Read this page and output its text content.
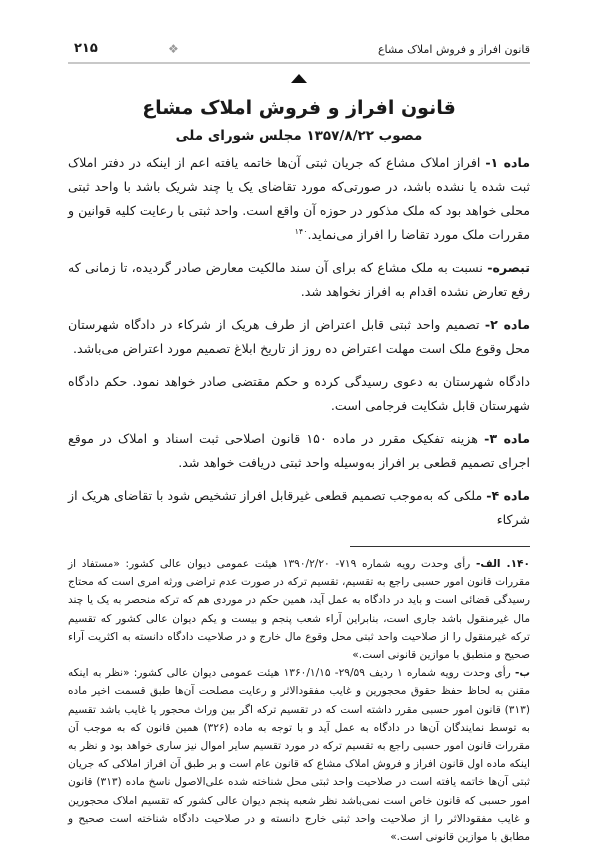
قانون افراز و فروش املاک مشاع
❖
۲۱۵
قانون افراز و فروش املاک مشاع
مصوب ۱۳۵۷/۸/۲۲ مجلس شورای ملی

ماده ۱- افراز املاک مشاع که جریان ثبتی آن‌ها خاتمه یافته اعم از اینکه در دفتر املاک ثبت شده یا نشده باشد، در صورتی‌که مورد تقاضای یک یا چند شریک باشد با واحد ثبتی محلی خواهد بود که ملک مذکور در حوزه آن واقع است. واحد ثبتی با رعایت کلیه قوانین و مقررات ملک مورد تقاضا را افراز می‌نماید.$^{۱۴۰}$

تبصره- نسبت به ملک مشاع که برای آن سند مالکیت معارض صادر گردیده، تا زمانی که رفع تعارض نشده اقدام به افراز نخواهد شد.

ماده ۲- تصمیم واحد ثبتی قابل اعتراض از طرف هریک از شرکاء در دادگاه شهرستان محل وقوع ملک است مهلت اعتراض ده روز از تاریخ ابلاغ تصمیم مورد اعتراض می‌باشد.

دادگاه شهرستان به دعوی رسیدگی کرده و حکم مقتضی صادر خواهد نمود. حکم دادگاه شهرستان قابل شکایت فرجامی است.

ماده ۳- هزینه تفکیک مقرر در ماده ۱۵۰ قانون اصلاحی ثبت اسناد و املاک در موقع اجرای تصمیم قطعی بر افراز به‌وسیله واحد ثبتی دریافت خواهد شد.

ماده ۴- ملکی که به‌موجب تصمیم قطعی غیرقابل افراز تشخیص شود با تقاضای هریک از شرکاء

۱۴۰. الف- رأی وحدت رویه شماره ۷۱۹- ۱۳۹۰/۲/۲۰ هیئت عمومی دیوان عالی کشور: «مستفاد از مقررات قانون امور حسبی راجع به تقسیم، تقسیم ترکه در صورت عدم تراضی ورثه امری است که محتاج رسیدگی قضائی است و باید در دادگاه به عمل آید، همین حکم در موردی هم که ترکه منحصر به یک یا چند مال غیرمنقول باشد جاری است، بنابراین آراء شعب پنجم و بیست و یکم دیوان عالی کشور که تقسیم ترکه غیرمنقول را از صلاحیت واحد ثبتی محل وقوع مال خارج و در صلاحیت دادگاه دانسته به اکثریت آراء صحیح و منطبق با موازین قانونی است.»

ب- رأی وحدت رویه شماره ۱ ردیف ۲۹/۵۹- ۱۳۶۰/۱/۱۵ هیئت عمومی دیوان عالی کشور: «نظر به اینکه مقنن به لحاظ حفظ حقوق محجورین و غایب مفقودالاثر و رعایت مصلحت آن‌ها طبق قسمت اخیر ماده (۳۱۳) قانون امور حسبی مقرر داشته است که در تقسیم ترکه اگر بین وراث محجور یا غایب باشد تقسیم به توسط نمایندگان آن‌ها در دادگاه به عمل آید و با توجه به ماده (۳۲۶) همین قانون که به موجب آن مقررات قانون امور حسبی راجع به تقسیم ترکه در مورد تقسیم سایر اموال نیز ساری خواهد بود و نظر به اینکه ماده اول قانون افراز و فروش املاک مشاع که قانون عام است و بر طبق آن افراز املاکی که جریان ثبتی آن‌ها خاتمه یافته است در صلاحیت واحد ثبتی محل شناخته شده علی‌الاصول ناسخ ماده (۳۱۳) قانون امور حسبی که قانون خاص است نمی‌باشد نظر شعبه پنجم دیوان عالی کشور که تقسیم املاک محجورین و غایب مفقودالاثر را از صلاحیت واحد ثبتی خارج دانسته و در صلاحیت دادگاه شناخته است صحیح و مطابق با موازین قانونی است.»
